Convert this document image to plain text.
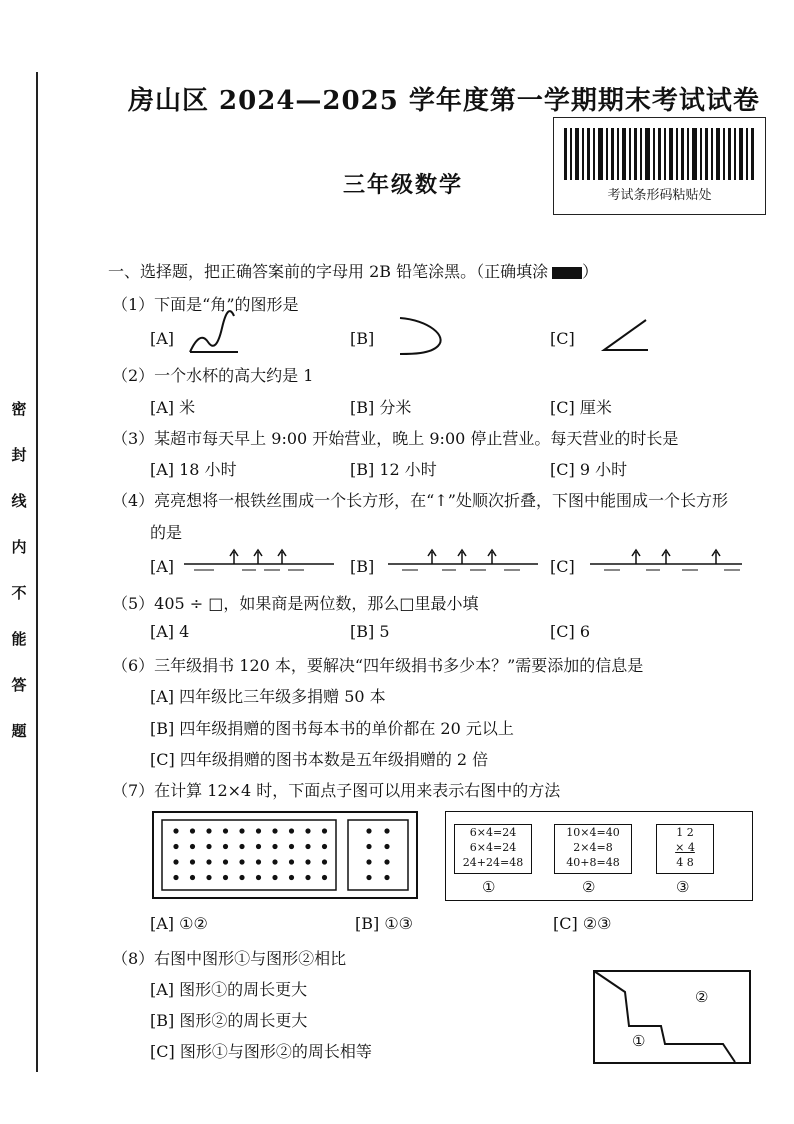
密
封
线
内
不
能
答
题
房山区 2024—2025 学年度第一学期期末考试试卷
三年级数学	考试条形码粘贴处
一、选择题，把正确答案前的字母用 2B 铅笔涂黑。（正确填涂 ）
（1）下面是“角”的图形是
[A]	[B]	[C]
（2）一个水杯的高大约是 1
[A] 米	[B] 分米	[C] 厘米
（3）某超市每天早上 9:00 开始营业，晚上 9:00 停止营业。每天营业的时长是
[A] 18 小时	[B] 12 小时	[C] 9 小时
（4）亮亮想将一根铁丝围成一个长方形，在“↑”处顺次折叠，下图中能围成一个长方形
的是
[A]	[B]	[C]
（5）405 ÷ □，如果商是两位数，那么□里最小填
[A] 4	[B] 5	[C] 6
（6）三年级捐书 120 本，要解决“四年级捐书多少本？”需要添加的信息是
[A] 四年级比三年级多捐赠 50 本
[B] 四年级捐赠的图书每本书的单价都在 20 元以上
[C] 四年级捐赠的图书本数是五年级捐赠的 2 倍
（7）在计算 12×4 时，下面点子图可以用来表示右图中的方法
6×4=24
6×4=24
24+24=48
①
10×4=40
2×4=8
40+8=48
②
1 2
× 4
4 8
③
[A] ①②	[B] ①③	[C] ②③
（8）右图中图形①与图形②相比
[A] 图形①的周长更大
[B] 图形②的周长更大
[C] 图形①与图形②的周长相等
②
①
